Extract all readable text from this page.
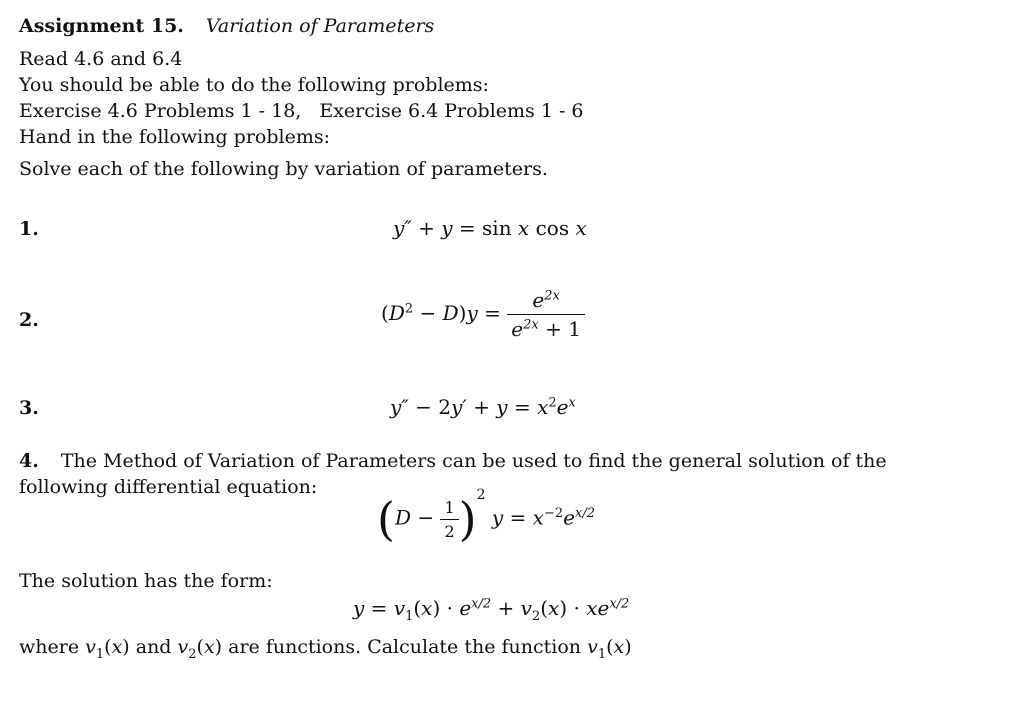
Assignment 15. Variation of Parameters
Read 4.6 and 6.4
You should be able to do the following problems:
Exercise 4.6 Problems 1 - 18, Exercise 6.4 Problems 1 - 6
Hand in the following problems:
Solve each of the following by variation of parameters.
1.	y″ + y = sin x cos x
2.	$(D^2 - D)y = \frac{e^{2x}}{e^{2x} + 1}$
3.	$y'' - 2y' + y = x^2e^x$
4. The Method of Variation of Parameters can be used to find the general solution of the following differential equation:
$(D - \frac{1}{2} )^2$ $y = x^{-2}e^{x/2}$
The solution has the form:
$y = v_1(x) \cdot e^{x/2} + v_2(x) \cdot xe^{x/2}$
where $v_1(x)$ and $v_2(x)$ are functions. Calculate the function $v_1(x)$
